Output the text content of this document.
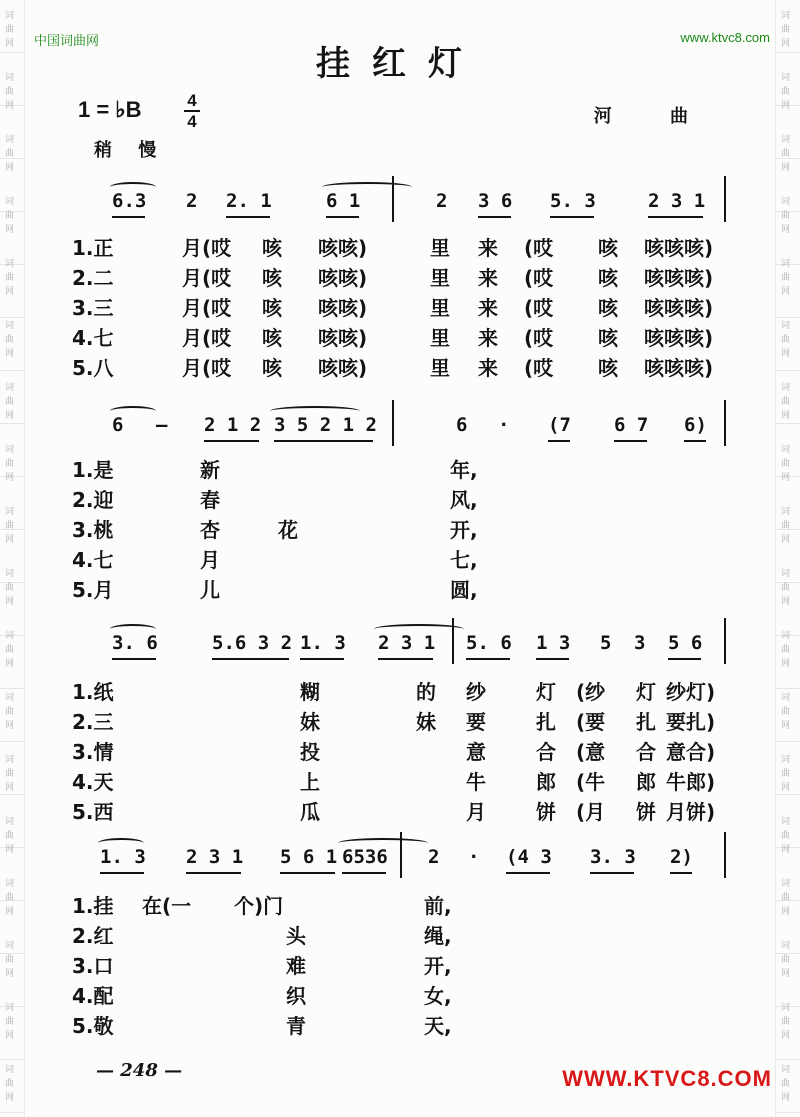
词
曲
网
词
曲
网
词
曲
网
词
曲
网
词
曲
网
词
曲
网
词
曲
网
词
曲
网
词
曲
网
词
曲
网
词
曲
网
词
曲
网
词
曲
网
词
曲
网
词
曲
网
词
曲
网
词
曲
网
词
曲
网
词
曲
网
词
曲
网
词
曲
网
词
曲
网
词
曲
网
词
曲
网
词
曲
网
词
曲
网
词
曲
网
词
曲
网
词
曲
网
词
曲
网
词
曲
网
词
曲
网
词
曲
网
词
曲
网
词
曲
网
词
曲
网
中国词曲网	www.ktvc8.com
挂红灯
1 = ♭B	4
4	河 曲
稍 慢
6.3 2 2. 1	6 1	2 3 6 5. 3	2 3 1
1.正	月(哎 咳 咳咳)	里 来 (哎 咳 咳咳咳)
2.二	月(哎 咳 咳咳)	里 来 (哎 咳 咳咳咳)
3.三	月(哎 咳 咳咳)	里 来 (哎 咳 咳咳咳)
4.七	月(哎 咳 咳咳)	里 来 (哎 咳 咳咳咳)
5.八	月(哎 咳 咳咳)	里 来 (哎 咳 咳咳咳)
6 — 2 1 2 3 5 2 1 2	6 · (7 6 7 6)
1.是	新	年,
2.迎	春	风,
3.桃	杏	花	开,
4.七	月	七,
5.月	儿	圆,
3. 6	5.6 3 2 1. 3 2 3 1 5. 6 1 3 5 3 5 6
1.纸	糊	的 纱	灯 (纱 灯 纱灯)
2.三	妹	妹 要	扎 (要 扎 要扎)
3.情	投	意	合 (意 合 意合)
4.天	上	牛	郎 (牛 郎 牛郎)
5.西	瓜	月	饼 (月 饼 月饼)
1. 3 2 3 1 5 6 1 6536 2 · (4 3 3. 3 2)
1.挂 在(一 个)门	前,
2.红	头	绳,
3.口	难	开,
4.配	织	女,
5.敬	青	天,
— 248 —	WWW.KTVC8.COM
